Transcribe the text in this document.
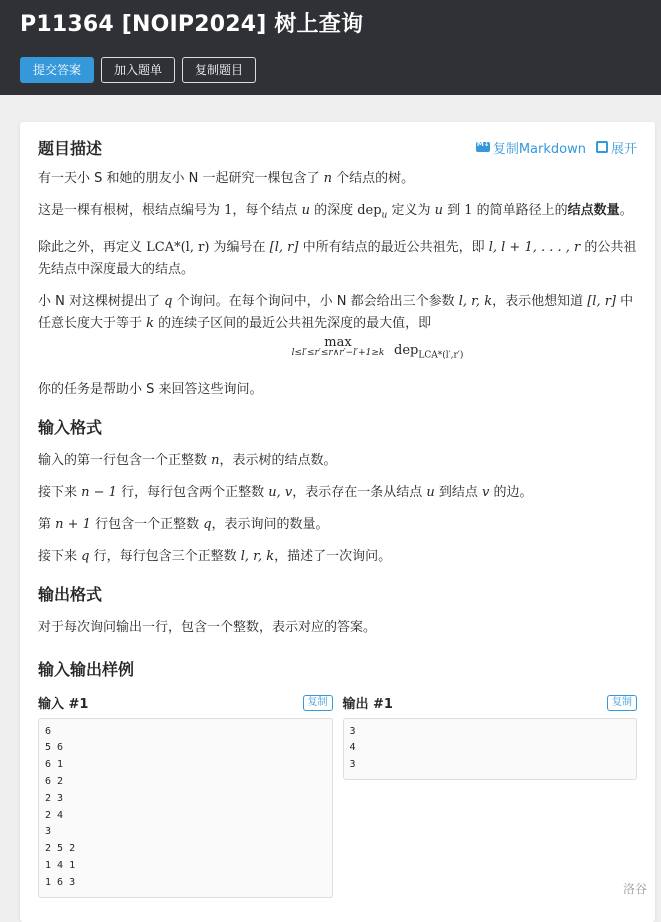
P11364 [NOIP2024] 树上查询
提交答案	加入题单	复制题目
题目描述
M↓	复制Markdown 展开

有一天小 S 和她的朋友小 N 一起研究一棵包含了 n 个结点的树。

这是一棵有根树，根结点编号为 1，每个结点 u 的深度 dep$_u$ 定义为 u 到 1 的简单路径上的结点数量。

除此之外，再定义 LCA*(l, r) 为编号在 [l, r] 中所有结点的最近公共祖先，即 l, l + 1, . . . , r 的公共祖先结点中深度最大的结点。

小 N 对这棵树提出了 q 个询问。在每个询问中，小 N 都会给出三个参数 l, r, k，表示他想知道 [l, r] 中任意长度大于等于 k 的连续子区间的最近公共祖先深度的最大值，即

max
l≤l′≤r′≤r∧r′−l′+1≥k dep$_{LCA*(l',r')}$

你的任务是帮助小 S 来回答这些询问。

输入格式

输入的第一行包含一个正整数 n，表示树的结点数。

接下来 n − 1 行，每行包含两个正整数 u, v，表示存在一条从结点 u 到结点 v 的边。

第 n + 1 行包含一个正整数 q，表示询问的数量。

接下来 q 行，每行包含三个正整数 l, r, k，描述了一次询问。

输出格式

对于每次询问输出一行，包含一个整数，表示对应的答案。

输入输出样例
输入 #1	复制
6
5 6
6 1
6 2
2 3
2 4
3
2 5 2
1 4 1
1 6 3
输出 #1	复制
3
4
3
洛谷
